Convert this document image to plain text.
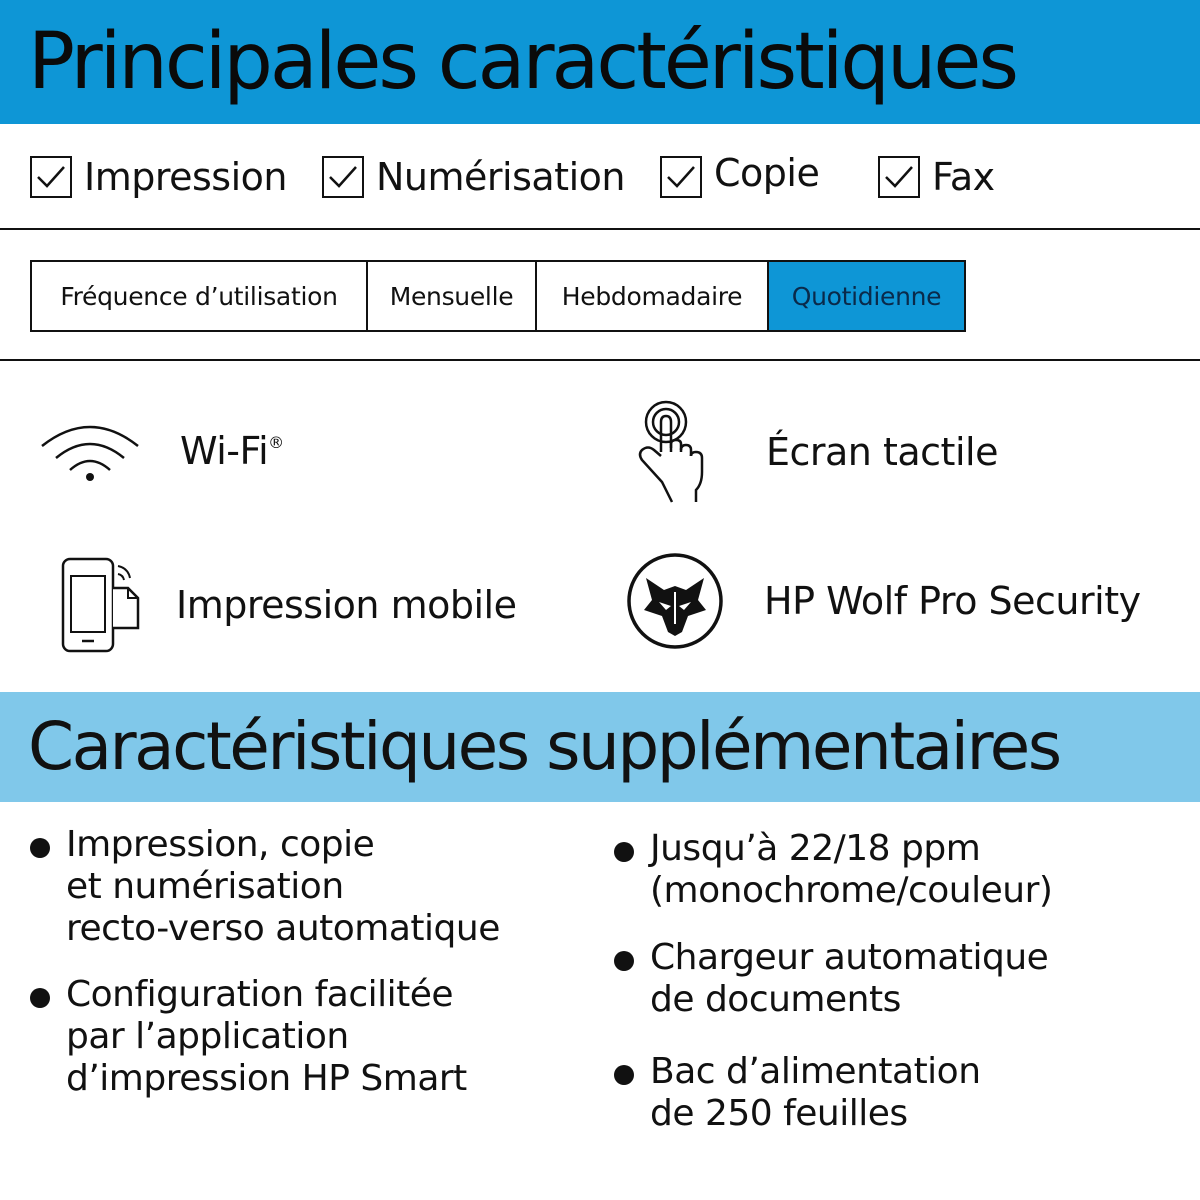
Principales caractéristiques
Impression Numérisation Copie	Fax
Fréquence d’utilisation	Mensuelle	Hebdomadaire	Quotidienne
Wi-Fi®	Écran tactile
Impression mobile	HP Wolf Pro Security
Caractéristiques supplémentaires
Impression, copie
et numérisation
recto-verso automatique
Configuration facilitée
par l’application
d’impression HP Smart
Jusqu’à 22/18 ppm
(monochrome/couleur)
Chargeur automatique
de documents
Bac d’alimentation
de 250 feuilles
